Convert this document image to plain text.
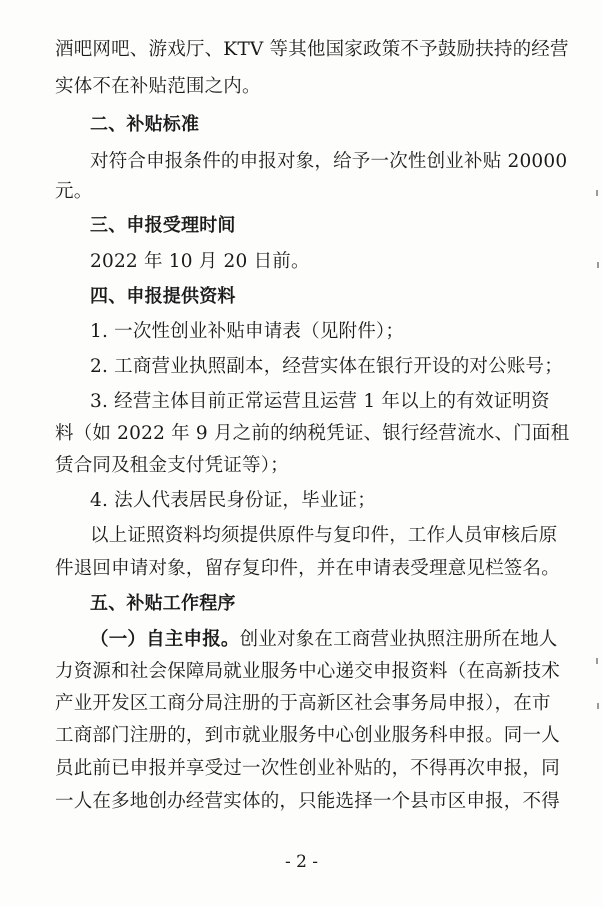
酒吧网吧、游戏厅、KTV 等其他国家政策不予鼓励扶持的经营
实体不在补贴范围之内。
二、补贴标准
对符合申报条件的申报对象，给予一次性创业补贴 20000
元。
三、申报受理时间
2022 年 10 月 20 日前。
四、申报提供资料
1. 一次性创业补贴申请表（见附件）；
2. 工商营业执照副本，经营实体在银行开设的对公账号；
3. 经营主体目前正常运营且运营 1 年以上的有效证明资
料（如 2022 年 9 月之前的纳税凭证、银行经营流水、门面租
赁合同及租金支付凭证等）；
4. 法人代表居民身份证，毕业证；
以上证照资料均须提供原件与复印件，工作人员审核后原
件退回申请对象，留存复印件，并在申请表受理意见栏签名。
五、补贴工作程序
（一）自主申报。创业对象在工商营业执照注册所在地人
力资源和社会保障局就业服务中心递交申报资料（在高新技术
产业开发区工商分局注册的于高新区社会事务局申报），在市
工商部门注册的，到市就业服务中心创业服务科申报。同一人
员此前已申报并享受过一次性创业补贴的，不得再次申报，同
一人在多地创办经营实体的，只能选择一个县市区申报，不得
- 2 -
